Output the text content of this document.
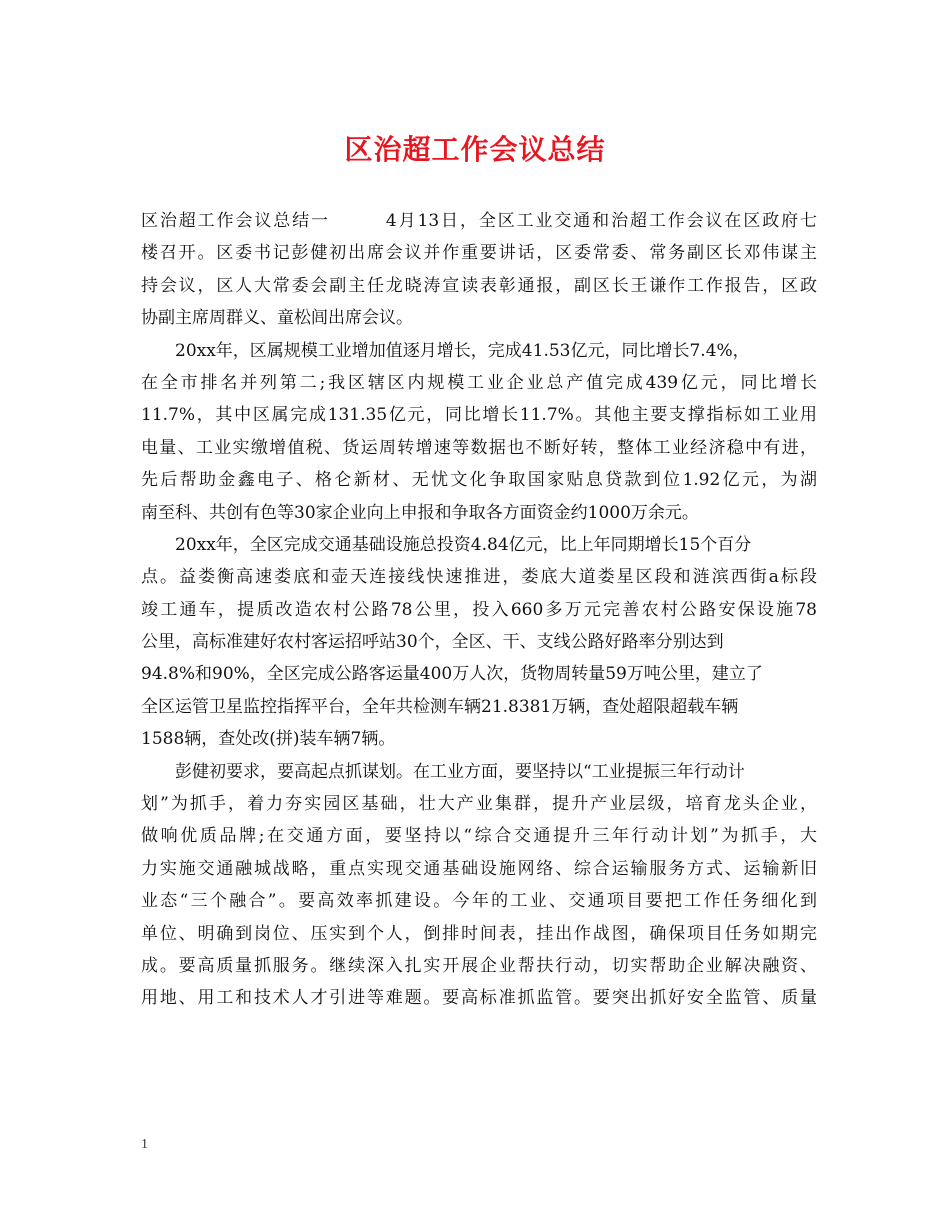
区治超工作会议总结
区治超工作会议总结一	4月13日，全区工业交通和治超工作会议在区政府七
楼召开。区委书记彭健初出席会议并作重要讲话，区委常委、常务副区长邓伟谋主
持会议，区人大常委会副主任龙晓涛宣读表彰通报，副区长王谦作工作报告，区政
协副主席周群义、童松闾出席会议。
20xx年，区属规模工业增加值逐月增长，完成41.53亿元，同比增长7.4%，
在全市排名并列第二;我区辖区内规模工业企业总产值完成439亿元，同比增长
11.7%，其中区属完成131.35亿元，同比增长11.7%。其他主要支撑指标如工业用
电量、工业实缴增值税、货运周转增速等数据也不断好转，整体工业经济稳中有进，
先后帮助金鑫电子、格仑新材、无忧文化争取国家贴息贷款到位1.92亿元，为湖
南至科、共创有色等30家企业向上申报和争取各方面资金约1000万余元。
20xx年，全区完成交通基础设施总投资4.84亿元，比上年同期增长15个百分
点。益娄衡高速娄底和壶天连接线快速推进，娄底大道娄星区段和涟滨西街a标段
竣工通车，提质改造农村公路78公里，投入660多万元完善农村公路安保设施78
公里，高标准建好农村客运招呼站30个，全区、干、支线公路好路率分别达到
94.8%和90%，全区完成公路客运量400万人次，货物周转量59万吨公里，建立了
全区运管卫星监控指挥平台，全年共检测车辆21.8381万辆，查处超限超载车辆
1588辆，查处改(拼)装车辆7辆。
彭健初要求，要高起点抓谋划。在工业方面，要坚持以“工业提振三年行动计
划”为抓手，着力夯实园区基础，壮大产业集群，提升产业层级，培育龙头企业，
做响优质品牌;在交通方面，要坚持以“综合交通提升三年行动计划”为抓手，大
力实施交通融城战略，重点实现交通基础设施网络、综合运输服务方式、运输新旧
业态“三个融合”。要高效率抓建设。今年的工业、交通项目要把工作任务细化到
单位、明确到岗位、压实到个人，倒排时间表，挂出作战图，确保项目任务如期完
成。要高质量抓服务。继续深入扎实开展企业帮扶行动，切实帮助企业解决融资、
用地、用工和技术人才引进等难题。要高标准抓监管。要突出抓好安全监管、质量
1
